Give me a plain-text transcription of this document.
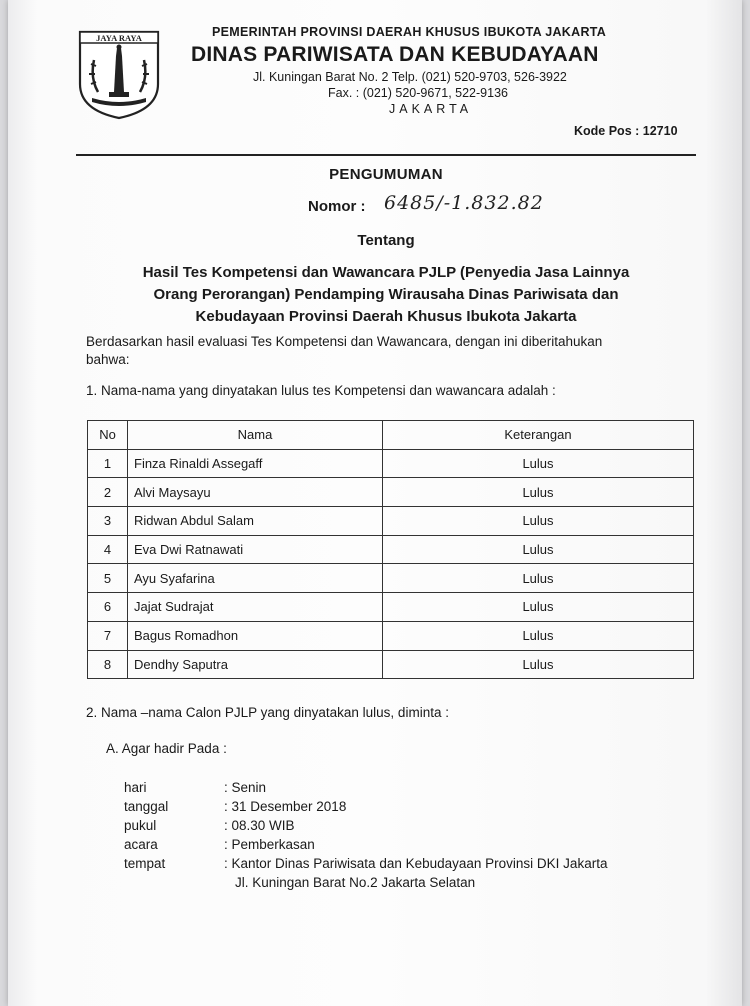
JAYA RAYA	PEMERINTAH PROVINSI DAERAH KHUSUS IBUKOTA JAKARTA
DINAS PARIWISATA DAN KEBUDAYAAN
Jl. Kuningan Barat No. 2 Telp. (021) 520-9703, 526-3922
Fax. : (021) 520-9671, 522-9136
JAKARTA
Kode Pos : 12710
PENGUMUMAN
Nomor : 6485/-1.832.82
Tentang
Hasil Tes Kompetensi dan Wawancara PJLP (Penyedia Jasa Lainnya
Orang Perorangan) Pendamping Wirausaha Dinas Pariwisata dan
Kebudayaan Provinsi Daerah Khusus Ibukota Jakarta
Berdasarkan hasil evaluasi Tes Kompetensi dan Wawancara, dengan ini diberitahukan
bahwa:
1. Nama-nama yang dinyatakan lulus tes Kompetensi dan wawancara adalah :
No	Nama	Keterangan
1	Finza Rinaldi Assegaff	Lulus
2	Alvi Maysayu	Lulus
3	Ridwan Abdul Salam	Lulus
4	Eva Dwi Ratnawati	Lulus
5	Ayu Syafarina	Lulus
6	Jajat Sudrajat	Lulus
7	Bagus Romadhon	Lulus
8	Dendhy Saputra	Lulus
2. Nama –nama Calon PJLP yang dinyatakan lulus, diminta :
A. Agar hadir Pada :
hari	: Senin
tanggal	: 31 Desember 2018
pukul	: 08.30 WIB
acara	: Pemberkasan
tempat	: Kantor Dinas Pariwisata dan Kebudayaan Provinsi DKI Jakarta
Jl. Kuningan Barat No.2 Jakarta Selatan
